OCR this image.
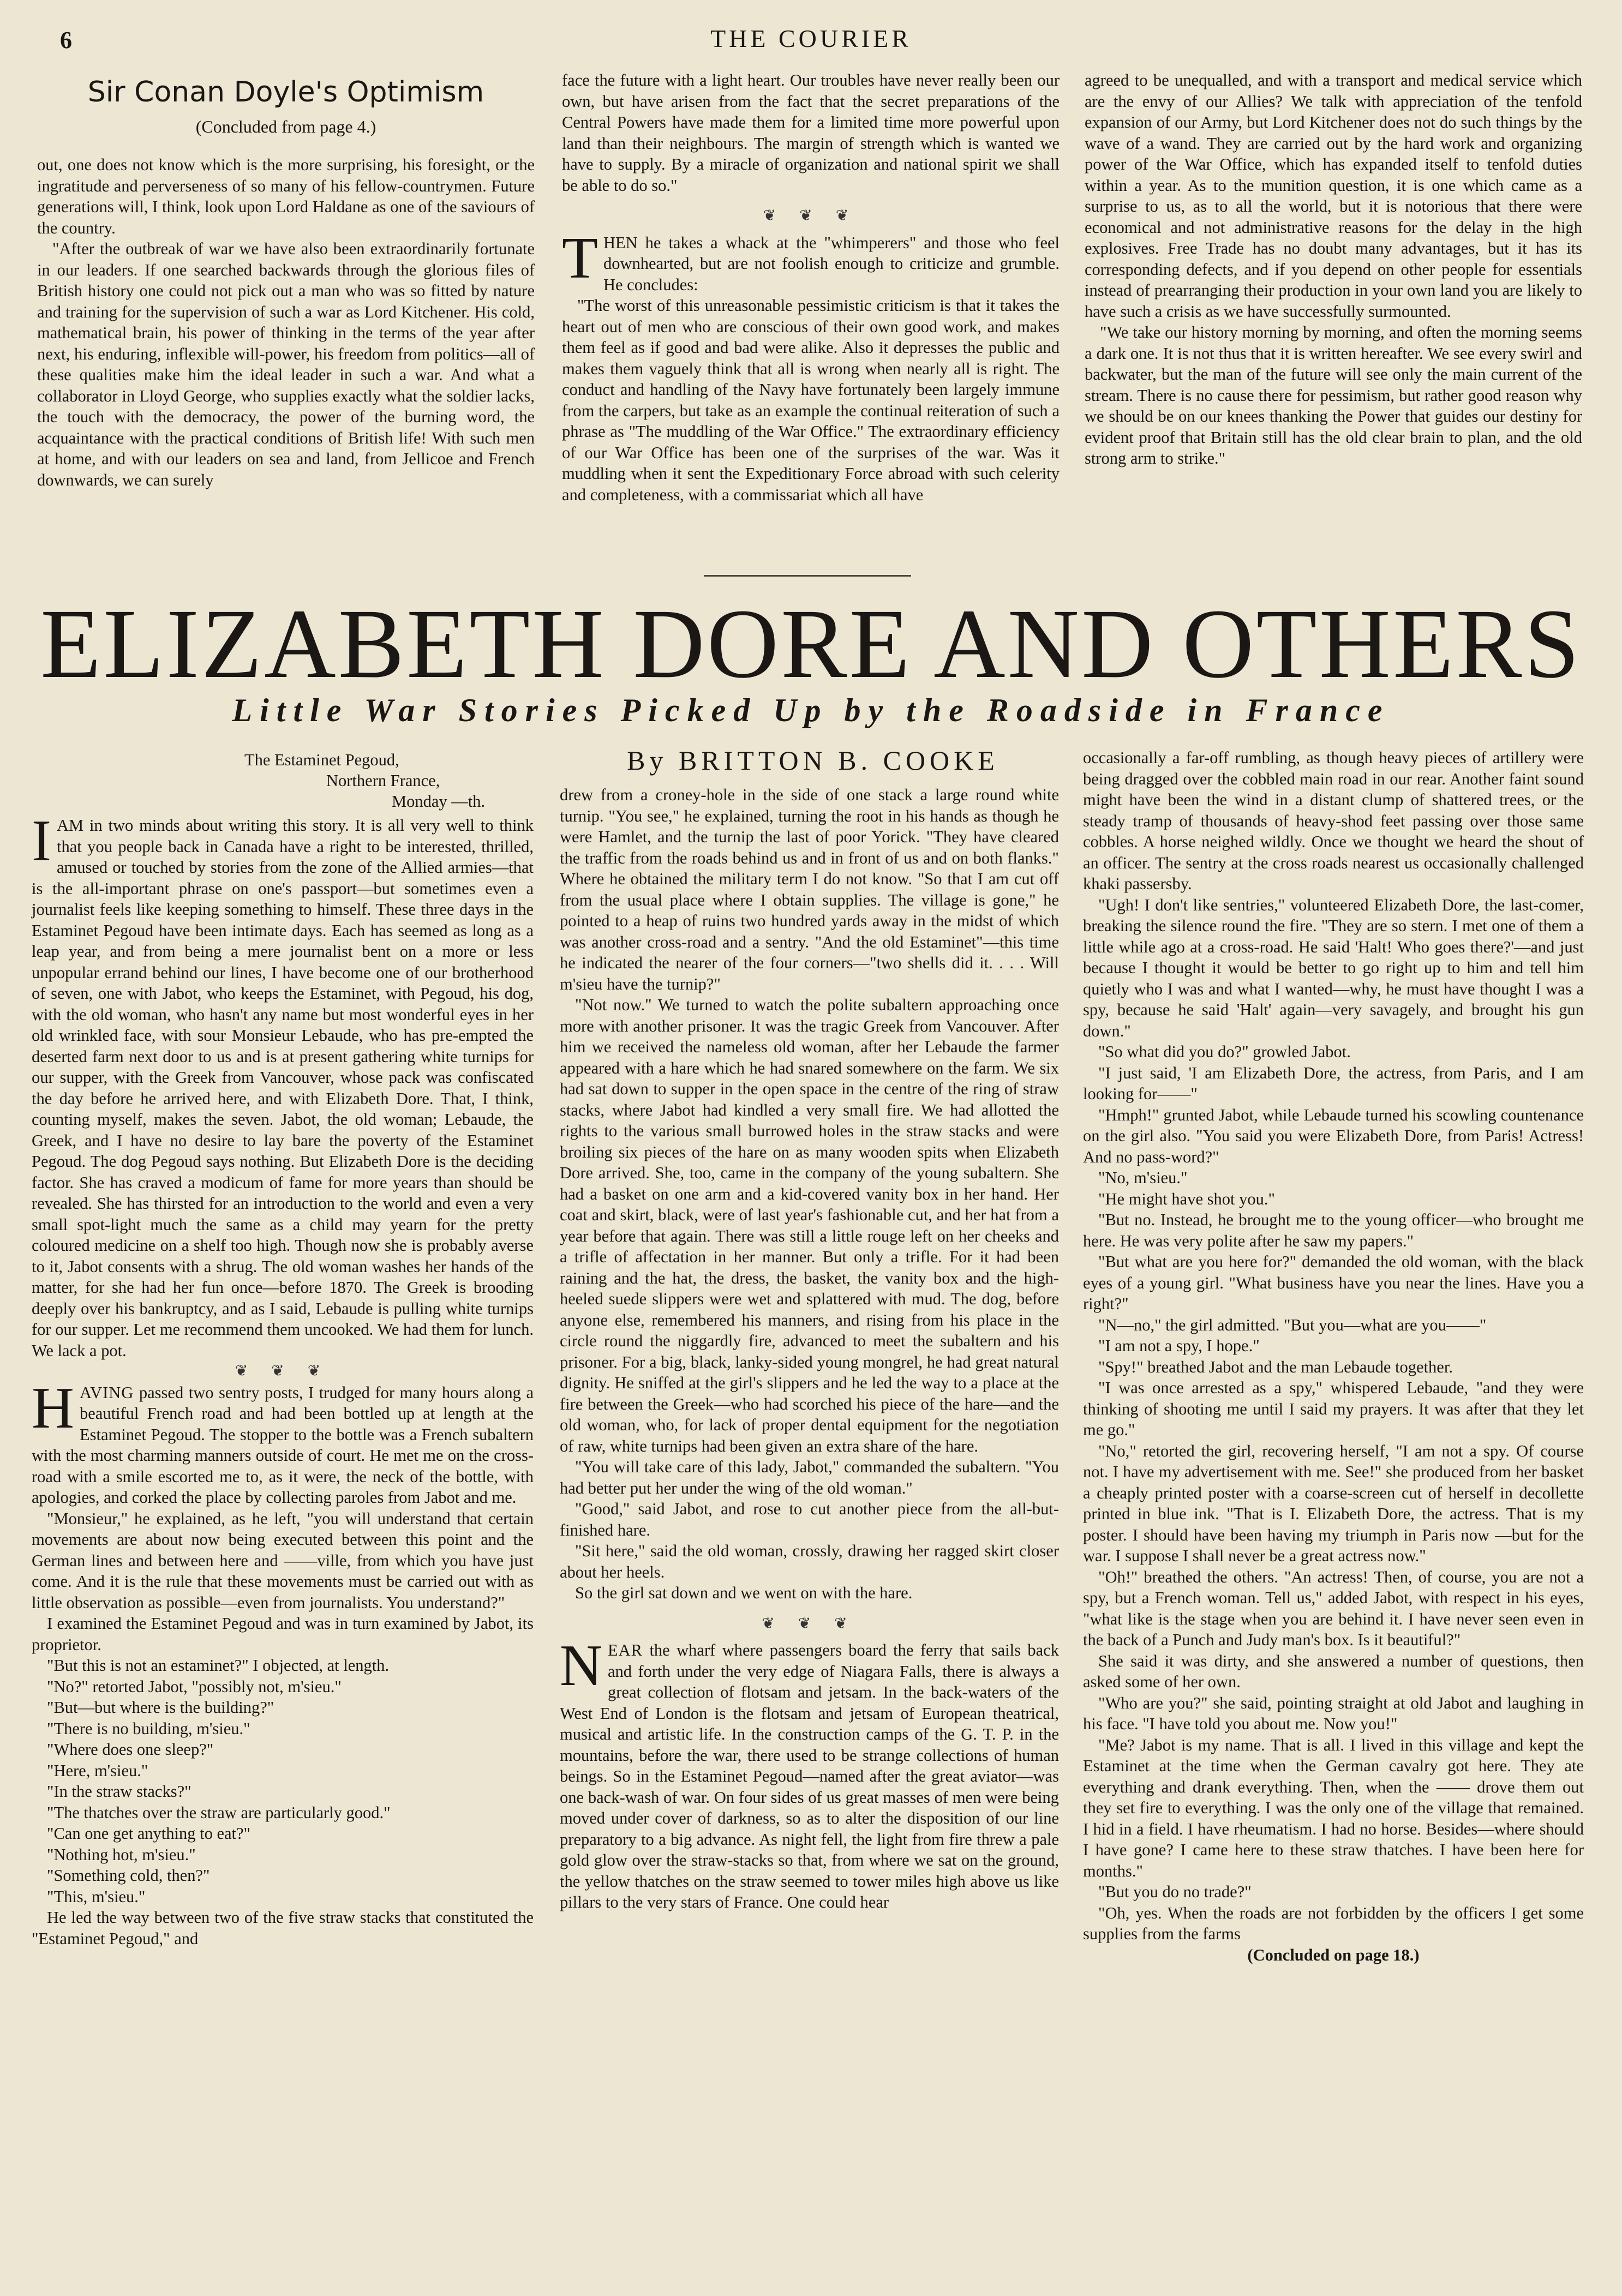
6	THE COURIER
Sir Conan Doyle's Optimism
(Concluded from page 4.)

out, one does not know which is the more surprising, his foresight, or the ingratitude and perverseness of so many of his fellow-countrymen. Future generations will, I think, look upon Lord Haldane as one of the saviours of the country.

"After the outbreak of war we have also been extraordinarily fortunate in our leaders. If one searched backwards through the glorious files of British history one could not pick out a man who was so fitted by nature and training for the supervision of such a war as Lord Kitchener. His cold, mathematical brain, his power of thinking in the terms of the year after next, his enduring, inflexible will-power, his freedom from politics—all of these qualities make him the ideal leader in such a war. And what a collaborator in Lloyd George, who supplies exactly what the soldier lacks, the touch with the democracy, the power of the burning word, the acquaintance with the practical conditions of British life! With such men at home, and with our leaders on sea and land, from Jellicoe and French downwards, we can surely

face the future with a light heart. Our troubles have never really been our own, but have arisen from the fact that the secret preparations of the Central Powers have made them for a limited time more powerful upon land than their neighbours. The margin of strength which is wanted we have to supply. By a miracle of organization and national spirit we shall be able to do so."

❦ ❦ ❦

THEN he takes a whack at the "whimperers" and those who feel downhearted, but are not foolish enough to criticize and grumble. He concludes:

"The worst of this unreasonable pessimistic criticism is that it takes the heart out of men who are conscious of their own good work, and makes them feel as if good and bad were alike. Also it depresses the public and makes them vaguely think that all is wrong when nearly all is right. The conduct and handling of the Navy have fortunately been largely immune from the carpers, but take as an example the continual reiteration of such a phrase as "The muddling of the War Office." The extraordinary efficiency of our War Office has been one of the surprises of the war. Was it muddling when it sent the Expeditionary Force abroad with such celerity and completeness, with a commissariat which all have

agreed to be unequalled, and with a transport and medical service which are the envy of our Allies? We talk with appreciation of the tenfold expansion of our Army, but Lord Kitchener does not do such things by the wave of a wand. They are carried out by the hard work and organizing power of the War Office, which has expanded itself to tenfold duties within a year. As to the munition question, it is one which came as a surprise to us, as to all the world, but it is notorious that there were economical and not administrative reasons for the delay in the high explosives. Free Trade has no doubt many advantages, but it has its corresponding defects, and if you depend on other people for essentials instead of prearranging their production in your own land you are likely to have such a crisis as we have successfully surmounted.

"We take our history morning by morning, and often the morning seems a dark one. It is not thus that it is written hereafter. We see every swirl and backwater, but the man of the future will see only the main current of the stream. There is no cause there for pessimism, but rather good reason why we should be on our knees thanking the Power that guides our destiny for evident proof that Britain still has the old clear brain to plan, and the old strong arm to strike."

ELIZABETH DORE AND OTHERS
Little War Stories Picked Up by the Roadside in France
By BRITTON B. COOKE
The Estaminet Pegoud,
Northern France,
Monday —th.

IAM in two minds about writing this story. It is all very well to think that you people back in Canada have a right to be interested, thrilled, amused or touched by stories from the zone of the Allied armies—that is the all-important phrase on one's passport—but sometimes even a journalist feels like keeping something to himself. These three days in the Estaminet Pegoud have been intimate days. Each has seemed as long as a leap year, and from being a mere journalist bent on a more or less unpopular errand behind our lines, I have become one of our brotherhood of seven, one with Jabot, who keeps the Estaminet, with Pegoud, his dog, with the old woman, who hasn't any name but most wonderful eyes in her old wrinkled face, with sour Monsieur Lebaude, who has pre-empted the deserted farm next door to us and is at present gathering white turnips for our supper, with the Greek from Vancouver, whose pack was confiscated the day before he arrived here, and with Elizabeth Dore. That, I think, counting myself, makes the seven. Jabot, the old woman; Lebaude, the Greek, and I have no desire to lay bare the poverty of the Estaminet Pegoud. The dog Pegoud says nothing. But Elizabeth Dore is the deciding factor. She has craved a modicum of fame for more years than should be revealed. She has thirsted for an introduction to the world and even a very small spot-light much the same as a child may yearn for the pretty coloured medicine on a shelf too high. Though now she is probably averse to it, Jabot consents with a shrug. The old woman washes her hands of the matter, for she had her fun once—before 1870. The Greek is brooding deeply over his bankruptcy, and as I said, Lebaude is pulling white turnips for our supper. Let me recommend them uncooked. We had them for lunch. We lack a pot.

❦ ❦ ❦

HAVING passed two sentry posts, I trudged for many hours along a beautiful French road and had been bottled up at length at the Estaminet Pegoud. The stopper to the bottle was a French subaltern with the most charming manners outside of court. He met me on the cross-road with a smile escorted me to, as it were, the neck of the bottle, with apologies, and corked the place by collecting paroles from Jabot and me.

"Monsieur," he explained, as he left, "you will understand that certain movements are about now being executed between this point and the German lines and between here and ——ville, from which you have just come. And it is the rule that these movements must be carried out with as little observation as possible—even from journalists. You understand?"

I examined the Estaminet Pegoud and was in turn examined by Jabot, its proprietor.

"But this is not an estaminet?" I objected, at length.

"No?" retorted Jabot, "possibly not, m'sieu."

"But—but where is the building?"

"There is no building, m'sieu."

"Where does one sleep?"

"Here, m'sieu."

"In the straw stacks?"

"The thatches over the straw are particularly good."

"Can one get anything to eat?"

"Nothing hot, m'sieu."

"Something cold, then?"

"This, m'sieu."

He led the way between two of the five straw stacks that constituted the "Estaminet Pegoud," and

drew from a croney-hole in the side of one stack a large round white turnip. "You see," he explained, turning the root in his hands as though he were Hamlet, and the turnip the last of poor Yorick. "They have cleared the traffic from the roads behind us and in front of us and on both flanks." Where he obtained the military term I do not know. "So that I am cut off from the usual place where I obtain supplies. The village is gone," he pointed to a heap of ruins two hundred yards away in the midst of which was another cross-road and a sentry. "And the old Estaminet"—this time he indicated the nearer of the four corners—"two shells did it. . . . Will m'sieu have the turnip?"

"Not now." We turned to watch the polite subaltern approaching once more with another prisoner. It was the tragic Greek from Vancouver. After him we received the nameless old woman, after her Lebaude the farmer appeared with a hare which he had snared somewhere on the farm. We six had sat down to supper in the open space in the centre of the ring of straw stacks, where Jabot had kindled a very small fire. We had allotted the rights to the various small burrowed holes in the straw stacks and were broiling six pieces of the hare on as many wooden spits when Elizabeth Dore arrived. She, too, came in the company of the young subaltern. She had a basket on one arm and a kid-covered vanity box in her hand. Her coat and skirt, black, were of last year's fashionable cut, and her hat from a year before that again. There was still a little rouge left on her cheeks and a trifle of affectation in her manner. But only a trifle. For it had been raining and the hat, the dress, the basket, the vanity box and the high-heeled suede slippers were wet and splattered with mud. The dog, before anyone else, remembered his manners, and rising from his place in the circle round the niggardly fire, advanced to meet the subaltern and his prisoner. For a big, black, lanky-sided young mongrel, he had great natural dignity. He sniffed at the girl's slippers and he led the way to a place at the fire between the Greek—who had scorched his piece of the hare—and the old woman, who, for lack of proper dental equipment for the negotiation of raw, white turnips had been given an extra share of the hare.

"You will take care of this lady, Jabot," commanded the subaltern. "You had better put her under the wing of the old woman."

"Good," said Jabot, and rose to cut another piece from the all-but-finished hare.

"Sit here," said the old woman, crossly, drawing her ragged skirt closer about her heels.

So the girl sat down and we went on with the hare.

❦ ❦ ❦

NEAR the wharf where passengers board the ferry that sails back and forth under the very edge of Niagara Falls, there is always a great collection of flotsam and jetsam. In the back-waters of the West End of London is the flotsam and jetsam of European theatrical, musical and artistic life. In the construction camps of the G. T. P. in the mountains, before the war, there used to be strange collections of human beings. So in the Estaminet Pegoud—named after the great aviator—was one back-wash of war. On four sides of us great masses of men were being moved under cover of darkness, so as to alter the disposition of our line preparatory to a big advance. As night fell, the light from fire threw a pale gold glow over the straw-stacks so that, from where we sat on the ground, the yellow thatches on the straw seemed to tower miles high above us like pillars to the very stars of France. One could hear

occasionally a far-off rumbling, as though heavy pieces of artillery were being dragged over the cobbled main road in our rear. Another faint sound might have been the wind in a distant clump of shattered trees, or the steady tramp of thousands of heavy-shod feet passing over those same cobbles. A horse neighed wildly. Once we thought we heard the shout of an officer. The sentry at the cross roads nearest us occasionally challenged khaki passersby.

"Ugh! I don't like sentries," volunteered Elizabeth Dore, the last-comer, breaking the silence round the fire. "They are so stern. I met one of them a little while ago at a cross-road. He said 'Halt! Who goes there?'—and just because I thought it would be better to go right up to him and tell him quietly who I was and what I wanted—why, he must have thought I was a spy, because he said 'Halt' again—very savagely, and brought his gun down."

"So what did you do?" growled Jabot.

"I just said, 'I am Elizabeth Dore, the actress, from Paris, and I am looking for——"

"Hmph!" grunted Jabot, while Lebaude turned his scowling countenance on the girl also. "You said you were Elizabeth Dore, from Paris! Actress! And no pass-word?"

"No, m'sieu."

"He might have shot you."

"But no. Instead, he brought me to the young officer—who brought me here. He was very polite after he saw my papers."

"But what are you here for?" demanded the old woman, with the black eyes of a young girl. "What business have you near the lines. Have you a right?"

"N—no," the girl admitted. "But you—what are you——"

"I am not a spy, I hope."

"Spy!" breathed Jabot and the man Lebaude together.

"I was once arrested as a spy," whispered Lebaude, "and they were thinking of shooting me until I said my prayers. It was after that they let me go."

"No," retorted the girl, recovering herself, "I am not a spy. Of course not. I have my advertisement with me. See!" she produced from her basket a cheaply printed poster with a coarse-screen cut of herself in decollette printed in blue ink. "That is I. Elizabeth Dore, the actress. That is my poster. I should have been having my triumph in Paris now —but for the war. I suppose I shall never be a great actress now."

"Oh!" breathed the others. "An actress! Then, of course, you are not a spy, but a French woman. Tell us," added Jabot, with respect in his eyes, "what like is the stage when you are behind it. I have never seen even in the back of a Punch and Judy man's box. Is it beautiful?"

She said it was dirty, and she answered a number of questions, then asked some of her own.

"Who are you?" she said, pointing straight at old Jabot and laughing in his face. "I have told you about me. Now you!"

"Me? Jabot is my name. That is all. I lived in this village and kept the Estaminet at the time when the German cavalry got here. They ate everything and drank everything. Then, when the —— drove them out they set fire to everything. I was the only one of the village that remained. I hid in a field. I have rheumatism. I had no horse. Besides—where should I have gone? I came here to these straw thatches. I have been here for months."

"But you do no trade?"

"Oh, yes. When the roads are not forbidden by the officers I get some supplies from the farms

(Concluded on page 18.)
